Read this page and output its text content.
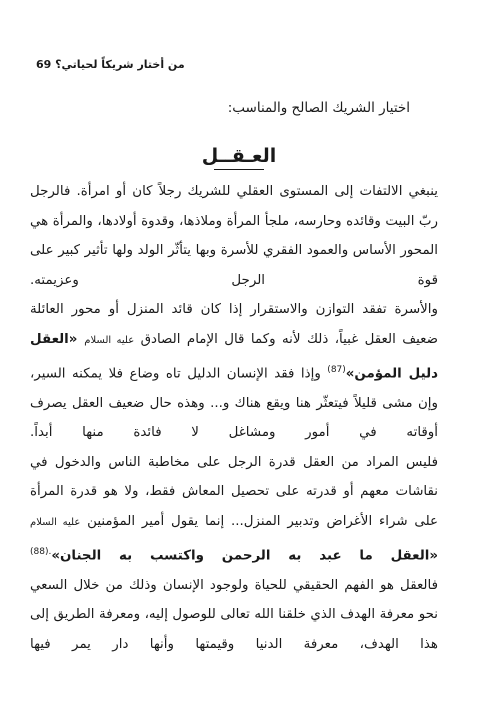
من أختار شريكاً لحياتي؟ 69
اختيار الشريك الصالح والمناسب:
العـقــل

ينبغي الالتفات إلى المستوى العقلي للشريك رجلاً كان أو امرأة. فالرجل ربّ البيت وقائده وحارسه، ملجأ المرأة وملاذها، وقدوة أولادها، والمرأة هي المحور الأساس والعمود الفقري للأسرة وبها يتأثّر الولد ولها تأثير كبير على قوة الرجل وعزيمته.

والأسرة تفقد التوازن والاستقرار إذا كان قائد المنزل أو محور العائلة ضعيف العقل غبياً، ذلك لأنه وكما قال الإمام الصادق عليه السلام «العقل دليل المؤمن»$^{(87)}$ وإذا فقد الإنسان الدليل تاه وضاع فلا يمكنه السير، وإن مشى قليلاً فيتعثّر هنا ويقع هناك و... وهذه حال ضعيف العقل يصرف أوقاته في أمور ومشاغل لا فائدة منها أبداً.

فليس المراد من العقل قدرة الرجل على مخاطبة الناس والدخول في نقاشات معهم أو قدرته على تحصيل المعاش فقط، ولا هو قدرة المرأة على شراء الأغراض وتدبير المنزل... إنما يقول أمير المؤمنين عليه السلام «العقل ما عبد به الرحمن واكتسب به الجنان»$^{.(88)}$

فالعقل هو الفهم الحقيقي للحياة ولوجود الإنسان وذلك من خلال السعي نحو معرفة الهدف الذي خلقنا الله تعالى للوصول إليه، ومعرفة الطريق إلى هذا الهدف، معرفة الدنيا وقيمتها وأنها دار يمر فيها
